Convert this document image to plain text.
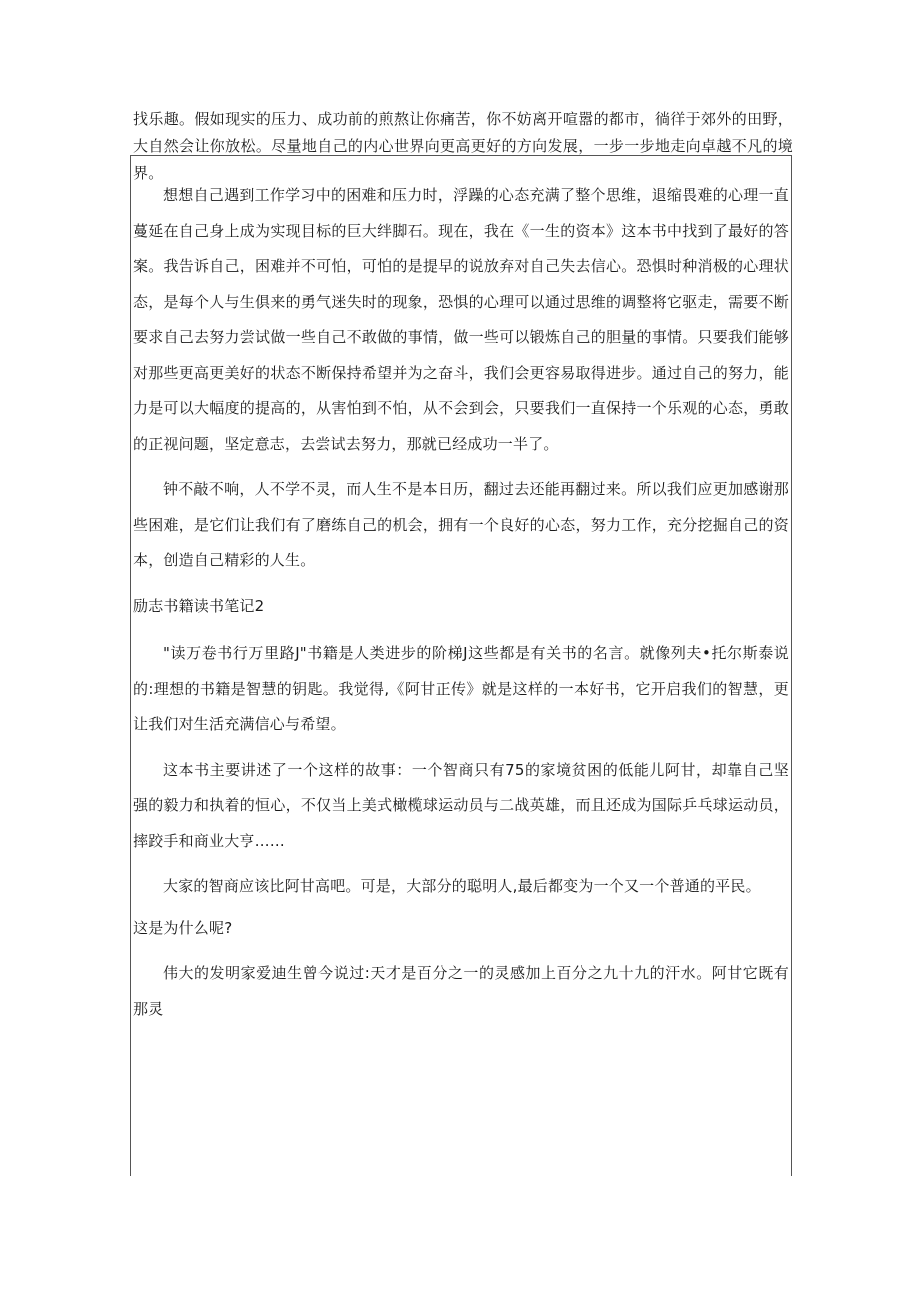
找乐趣。假如现实的压力、成功前的煎熬让你痛苦，你不妨离开喧嚣的都市，徜徉于郊外的田野，大自然会让你放松。尽量地自己的内心世界向更高更好的方向发展，一步一步地走向卓越不凡的境界。

想想自己遇到工作学习中的困难和压力时，浮躁的心态充满了整个思维，退缩畏难的心理一直蔓延在自己身上成为实现目标的巨大绊脚石。现在，我在《一生的资本》这本书中找到了最好的答案。我告诉自己，困难并不可怕，可怕的是提早的说放弃对自己失去信心。恐惧时种消极的心理状态，是每个人与生俱来的勇气迷失时的现象，恐惧的心理可以通过思维的调整将它驱走，需要不断要求自己去努力尝试做一些自己不敢做的事情，做一些可以锻炼自己的胆量的事情。只要我们能够对那些更高更美好的状态不断保持希望并为之奋斗，我们会更容易取得进步。通过自己的努力，能力是可以大幅度的提高的，从害怕到不怕，从不会到会，只要我们一直保持一个乐观的心态，勇敢的正视问题，坚定意志，去尝试去努力，那就已经成功一半了。

钟不敲不响，人不学不灵，而人生不是本日历，翻过去还能再翻过来。所以我们应更加感谢那些困难，是它们让我们有了磨练自己的机会，拥有一个良好的心态，努力工作，充分挖掘自己的资本，创造自己精彩的人生。

励志书籍读书笔记2

"读万卷书行万里路J"书籍是人类进步的阶梯J这些都是有关书的名言。就像列夫•托尔斯泰说的:理想的书籍是智慧的钥匙。我觉得,《阿甘正传》就是这样的一本好书，它开启我们的智慧，更让我们对生活充满信心与希望。

这本书主要讲述了一个这样的故事：一个智商只有75的家境贫困的低能儿阿甘，却靠自己坚强的毅力和执着的恒心，不仅当上美式橄榄球运动员与二战英雄，而且还成为国际乒乓球运动员，摔跤手和商业大亨……

大家的智商应该比阿甘高吧。可是，大部分的聪明人,最后都变为一个又一个普通的平民。

这是为什么呢?

伟大的发明家爱迪生曾今说过:天才是百分之一的灵感加上百分之九十九的汗水。阿甘它既有那灵
